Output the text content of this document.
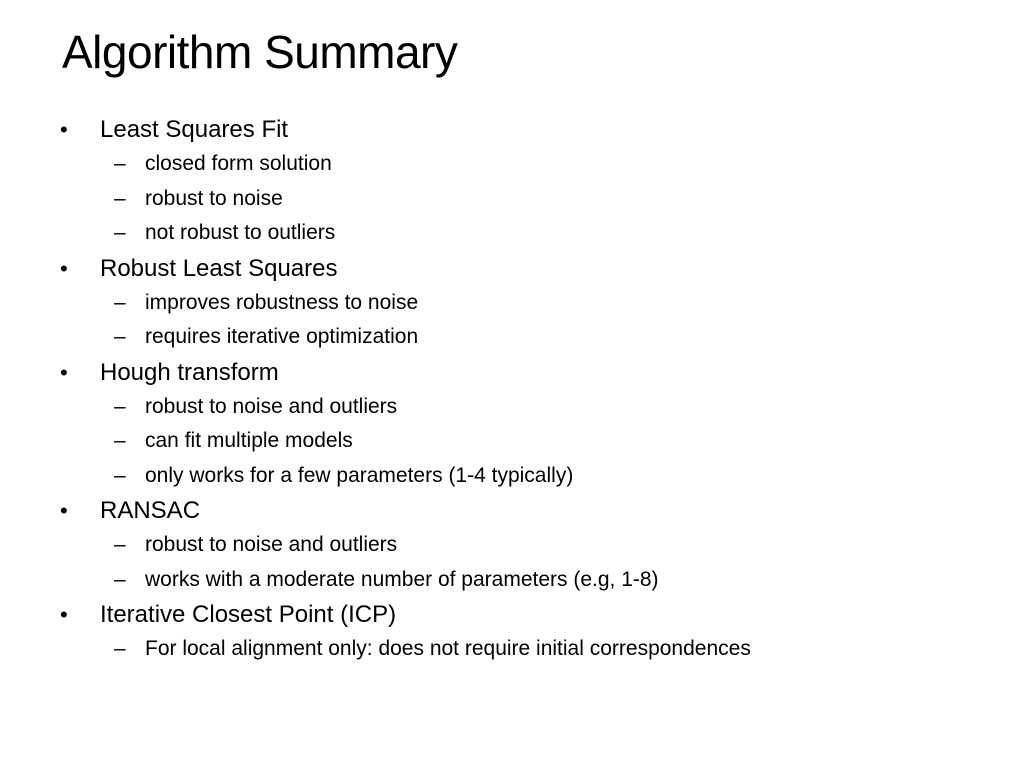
Algorithm Summary
•	Least Squares Fit
– closed form solution
– robust to noise
– not robust to outliers
•	Robust Least Squares
– improves robustness to noise
– requires iterative optimization
•	Hough transform
– robust to noise and outliers
– can fit multiple models
– only works for a few parameters (1-4 typically)
•	RANSAC
– robust to noise and outliers
– works with a moderate number of parameters (e.g, 1-8)
•	Iterative Closest Point (ICP)
– For local alignment only: does not require initial correspondences
